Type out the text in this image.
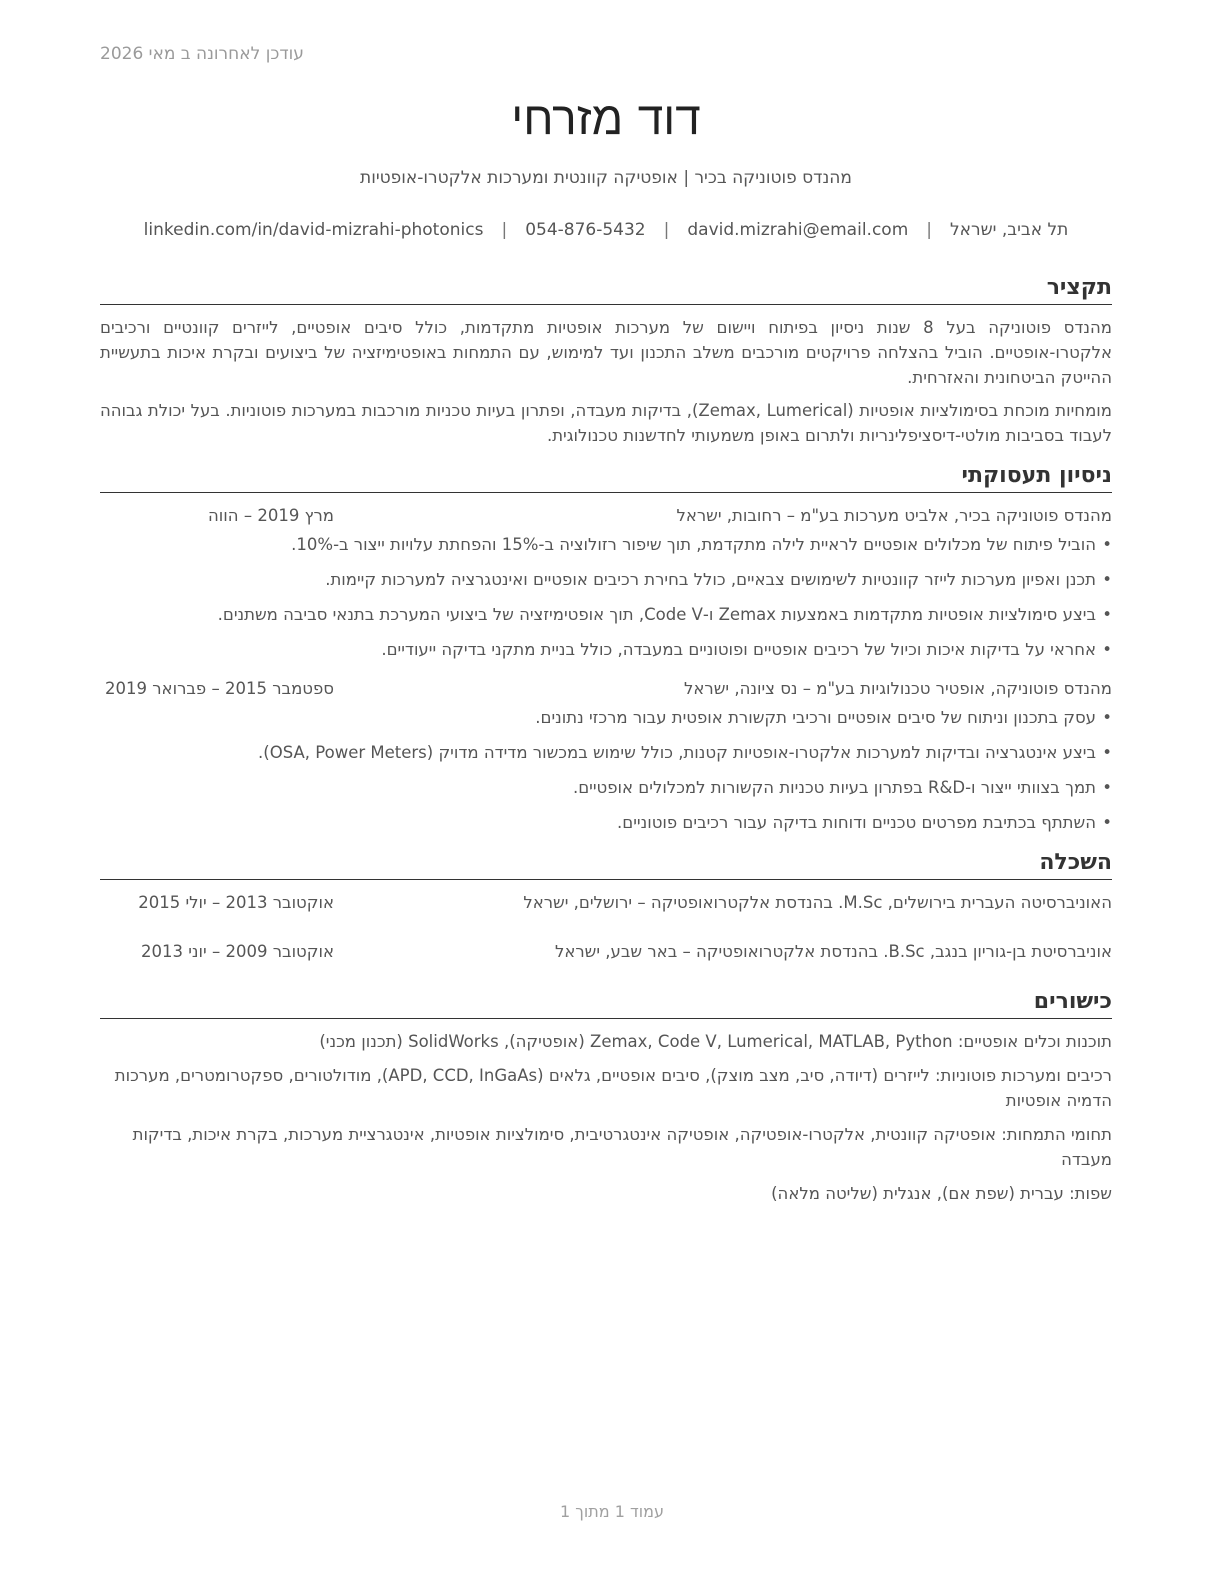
עודכן לאחרונה ב מאי 2026
דוד מזרחי
מהנדס פוטוניקה בכיר | אופטיקה קוונטית ומערכות אלקטרו-אופטיות
תל אביב, ישראל
|
david.mizrahi@email.com
|
054-876-5432
|
linkedin.com/in/david-mizrahi-photonics
תקציר

מהנדס פוטוניקה בעל 8 שנות ניסיון בפיתוח ויישום של מערכות אופטיות מתקדמות, כולל סיבים אופטיים, לייזרים קוונטיים ורכיבים אלקטרו-אופטיים. הוביל בהצלחה פרויקטים מורכבים משלב התכנון ועד למימוש, עם התמחות באופטימיזציה של ביצועים ובקרת איכות בתעשיית ההייטק הביטחונית והאזרחית.

מומחיות מוכחת בסימולציות אופטיות (Zemax, Lumerical), בדיקות מעבדה, ופתרון בעיות טכניות מורכבות במערכות פוטוניות. בעל יכולת גבוהה לעבוד בסביבות מולטי-דיסציפלינריות ולתרום באופן משמעותי לחדשנות טכנולוגית.

ניסיון תעסוקתי
מהנדס פוטוניקה בכיר, אלביט מערכות בע"מ – רחובות, ישראל
מרץ 2019 – הווה
• הוביל פיתוח של מכלולים אופטיים לראיית לילה מתקדמת, תוך שיפור רזולוציה ב-15% והפחתת עלויות ייצור ב-10%.
• תכנן ואפיון מערכות לייזר קוונטיות לשימושים צבאיים, כולל בחירת רכיבים אופטיים ואינטגרציה למערכות קיימות.
• ביצע סימולציות אופטיות מתקדמות באמצעות Zemax ו-Code V, תוך אופטימיזציה של ביצועי המערכת בתנאי סביבה משתנים.
• אחראי על בדיקות איכות וכיול של רכיבים אופטיים ופוטוניים במעבדה, כולל בניית מתקני בדיקה ייעודיים.
מהנדס פוטוניקה, אופטיר טכנולוגיות בע"מ – נס ציונה, ישראל
ספטמבר 2015 – פברואר 2019
• עסק בתכנון וניתוח של סיבים אופטיים ורכיבי תקשורת אופטית עבור מרכזי נתונים.
• ביצע אינטגרציה ובדיקות למערכות אלקטרו-אופטיות קטנות, כולל שימוש במכשור מדידה מדויק (OSA, Power Meters).
• תמך בצוותי ייצור ו-R&D בפתרון בעיות טכניות הקשורות למכלולים אופטיים.
• השתתף בכתיבת מפרטים טכניים ודוחות בדיקה עבור רכיבים פוטוניים.
השכלה
האוניברסיטה העברית בירושלים, M.Sc. בהנדסת אלקטרואופטיקה – ירושלים, ישראל
אוקטובר 2013 – יולי 2015
אוניברסיטת בן-גוריון בנגב, B.Sc. בהנדסת אלקטרואופטיקה – באר שבע, ישראל
אוקטובר 2009 – יוני 2013
כישורים

תוכנות וכלים אופטיים: Zemax, Code V, Lumerical, MATLAB, Python (אופטיקה), SolidWorks (תכנון מכני)

רכיבים ומערכות פוטוניות: לייזרים (דיודה, סיב, מצב מוצק), סיבים אופטיים, גלאים (APD, CCD, InGaAs), מודולטורים, ספקטרומטרים, מערכות הדמיה אופטיות

תחומי התמחות: אופטיקה קוונטית, אלקטרו-אופטיקה, אופטיקה אינטגרטיבית, סימולציות אופטיות, אינטגרציית מערכות, בקרת איכות, בדיקות מעבדה

שפות: עברית (שפת אם), אנגלית (שליטה מלאה)

עמוד 1 מתוך 1
